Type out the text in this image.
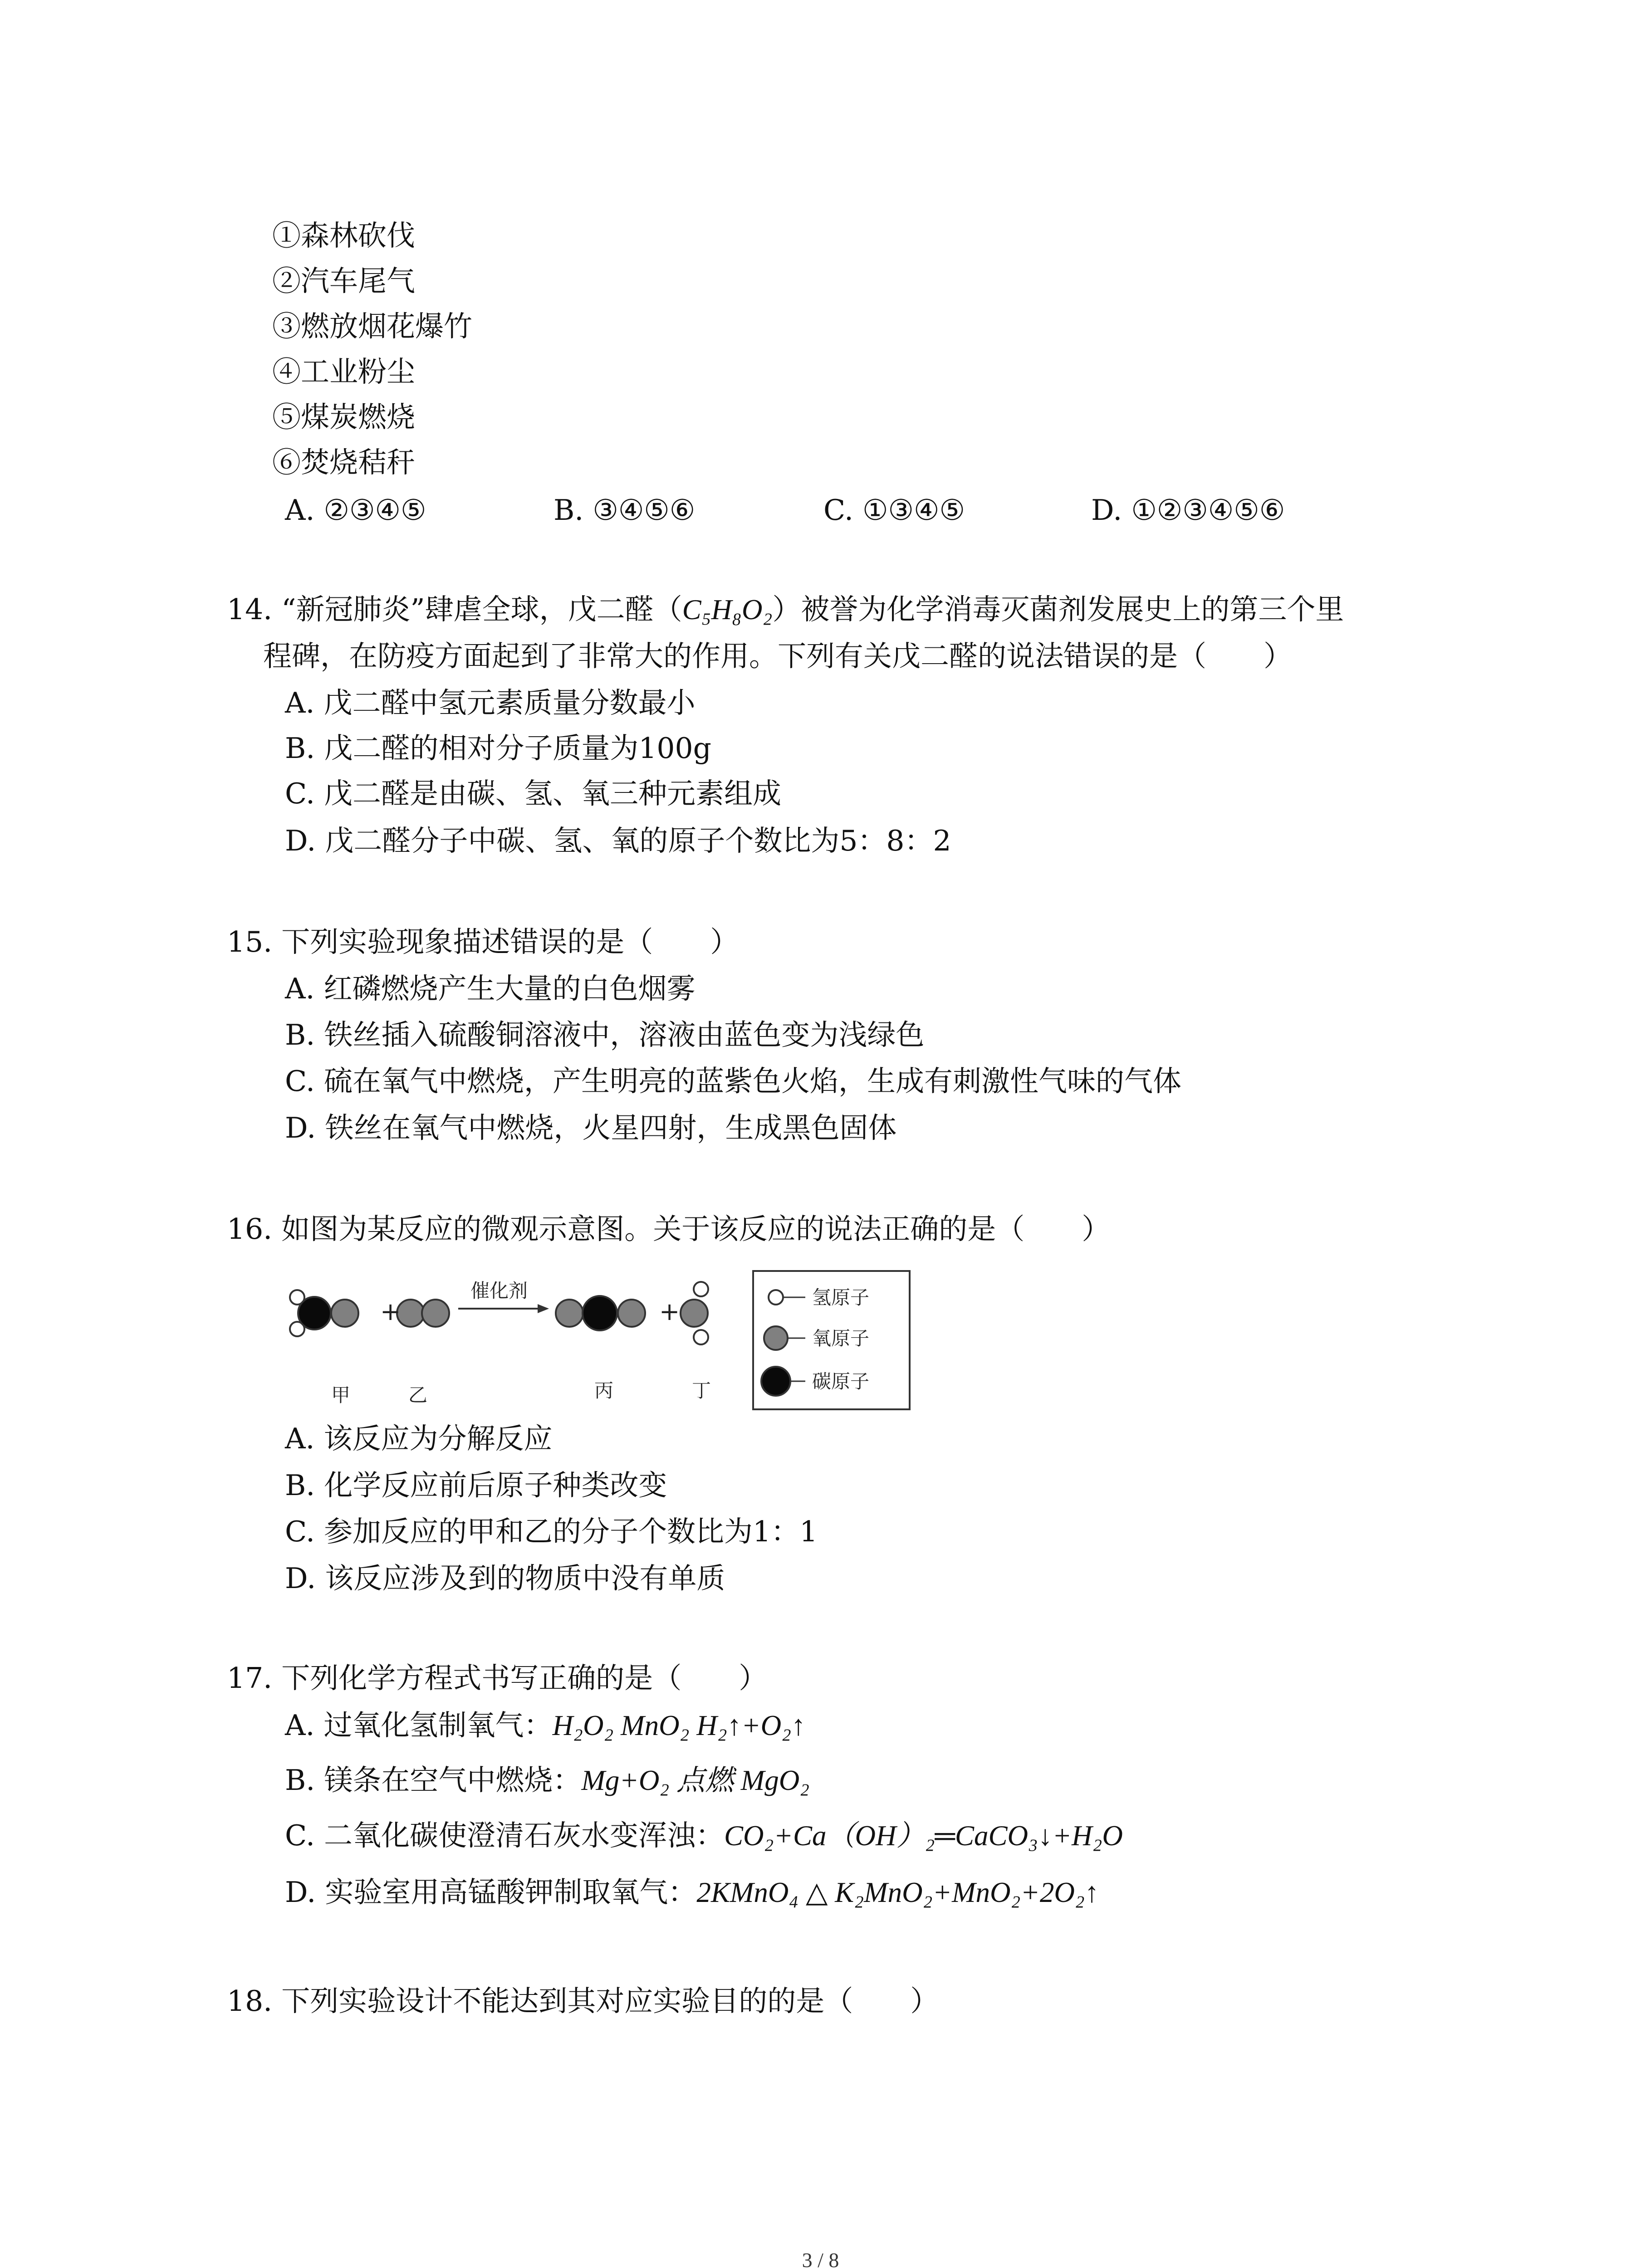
①森林砍伐
②汽车尾气
③燃放烟花爆竹
④工业粉尘
⑤煤炭燃烧
⑥焚烧秸秆
A. ②③④⑤	B. ③④⑤⑥	C. ①③④⑤	D. ①②③④⑤⑥
14. “新冠肺炎”肆虐全球，戊二醛（C₅H₈O₂）被誉为化学消毒灭菌剂发展史上的第三个里
程碑，在防疫方面起到了非常大的作用。下列有关戊二醛的说法错误的是（　　）
A. 戊二醛中氢元素质量分数最小
B. 戊二醛的相对分子质量为100g
C. 戊二醛是由碳、氢、氧三种元素组成
D. 戊二醛分子中碳、氢、氧的原子个数比为5：8：2
15. 下列实验现象描述错误的是（　　）
A. 红磷燃烧产生大量的白色烟雾
B. 铁丝插入硫酸铜溶液中，溶液由蓝色变为浅绿色
C. 硫在氧气中燃烧，产生明亮的蓝紫色火焰，生成有刺激性气味的气体
D. 铁丝在氧气中燃烧，火星四射，生成黑色固体
16. 如图为某反应的微观示意图。关于该反应的说法正确的是（　　）
+	+
催化剂
甲	乙	丙	丁
氢原子
氧原子
碳原子
A. 该反应为分解反应
B. 化学反应前后原子种类改变
C. 参加反应的甲和乙的分子个数比为1：1
D. 该反应涉及到的物质中没有单质
17. 下列化学方程式书写正确的是（　　）
A. 过氧化氢制氧气：H₂O₂ MnO₂ H₂↑+O₂↑
B. 镁条在空气中燃烧：Mg+O₂ 点燃 MgO₂
C. 二氧化碳使澄清石灰水变浑浊：CO₂+Ca（OH）₂═CaCO₃↓+H₂O
D. 实验室用高锰酸钾制取氧气：2KMnO₄ △ K₂MnO₂+MnO₂+2O₂↑
18. 下列实验设计不能达到其对应实验目的的是（　　）
3 / 8
